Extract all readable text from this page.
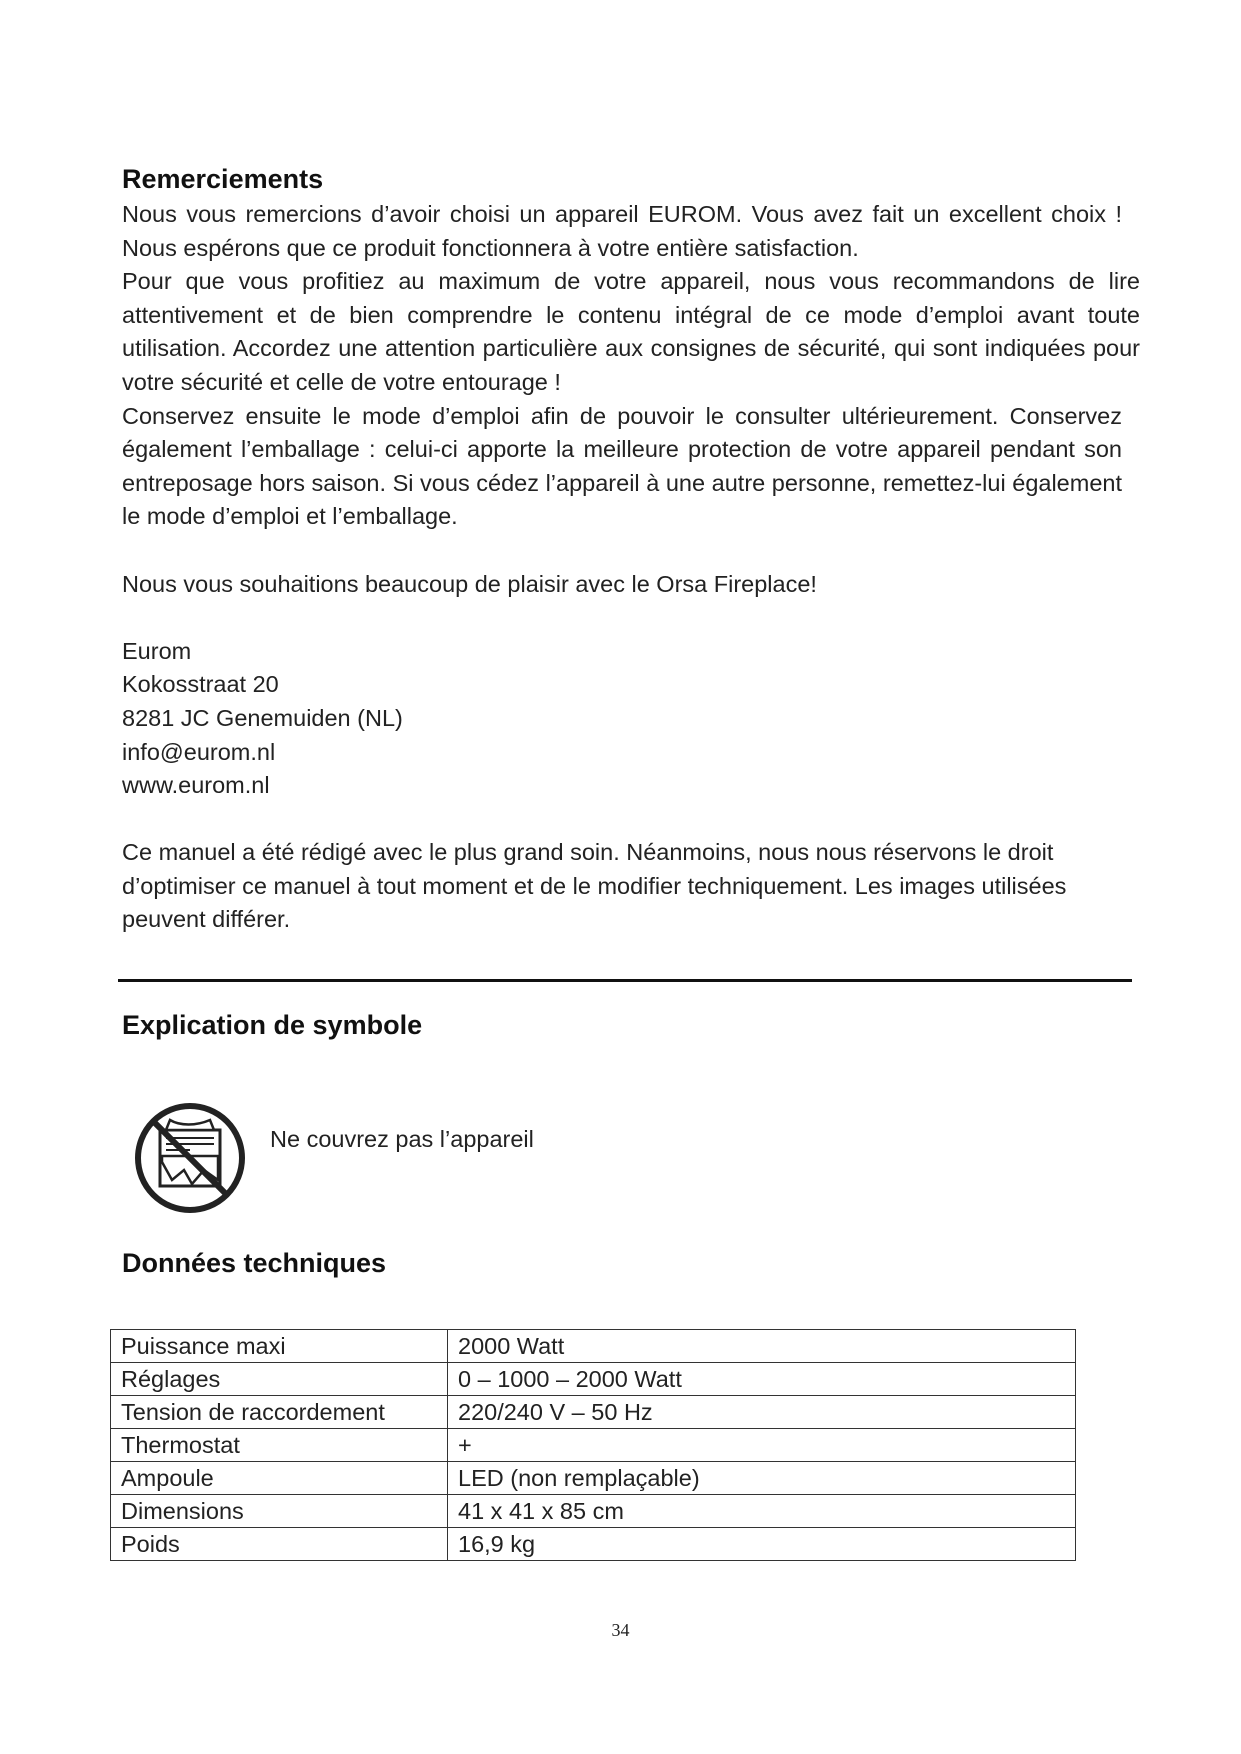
Remerciements

Nous vous remercions d’avoir choisi un appareil EUROM. Vous avez fait un excellent choix ! Nous espérons que ce produit fonctionnera à votre entière satisfaction.

Pour que vous profitiez au maximum de votre appareil, nous vous recommandons de lire attentivement et de bien comprendre le contenu intégral de ce mode d’emploi avant toute utilisation. Accordez une attention particulière aux consignes de sécurité, qui sont indiquées pour votre sécurité et celle de votre entourage !

Conservez ensuite le mode d’emploi afin de pouvoir le consulter ultérieurement. Conservez également l’emballage : celui-ci apporte la meilleure protection de votre appareil pendant son entreposage hors saison. Si vous cédez l’appareil à une autre personne, remettez-lui également le mode d’emploi et l’emballage.

Nous vous souhaitions beaucoup de plaisir avec le Orsa Fireplace!

Eurom

Kokosstraat 20

8281 JC Genemuiden (NL)

info@eurom.nl

www.eurom.nl

Ce manuel a été rédigé avec le plus grand soin. Néanmoins, nous nous réservons le droit d’optimiser ce manuel à tout moment et de le modifier techniquement. Les images utilisées peuvent différer.

Explication de symbole
Ne couvrez pas l’appareil
Données techniques
Puissance maxi	2000 Watt
Réglages	0 – 1000 – 2000 Watt
Tension de raccordement	220/240 V – 50 Hz
Thermostat	+
Ampoule	LED (non remplaçable)
Dimensions	41 x 41 x 85 cm
Poids	16,9 kg
34
